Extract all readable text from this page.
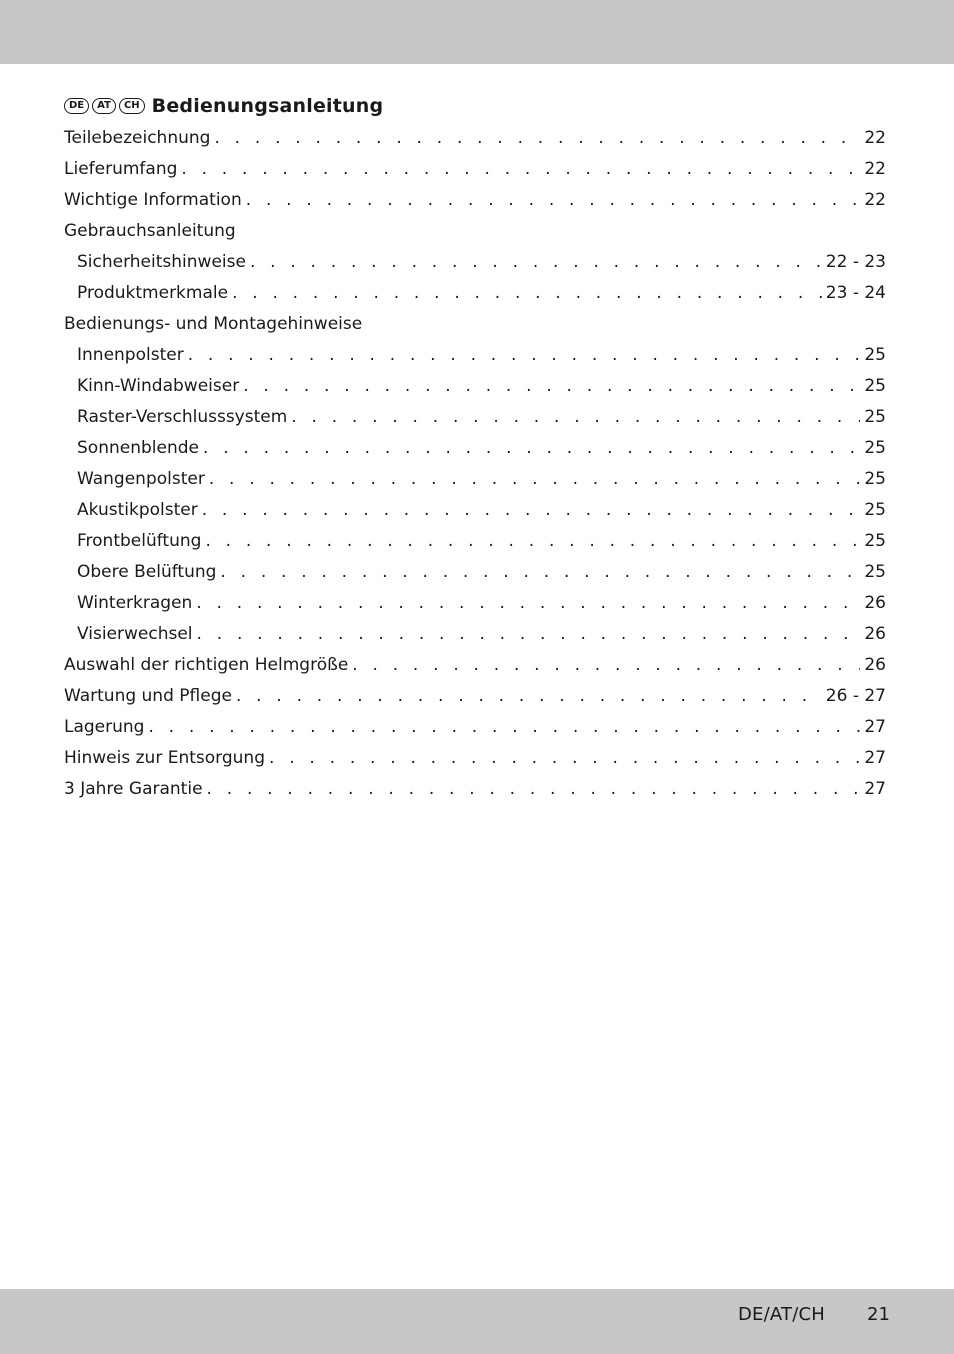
DE	AT	CH Bedienungsanleitung
Teilebezeichnung . . .	22
Lieferumfang . . .	22
Wichtige Information . . .	22
Gebrauchsanleitung
Sicherheitshinweise . . .	22 - 23
Produktmerkmale . . .	23 - 24
Bedienungs- und Montagehinweise
Innenpolster . . .	25
Kinn-Windabweiser . . .	25
Raster-Verschlusssystem . . .	25
Sonnenblende . . .	25
Wangenpolster . . .	25
Akustikpolster . . .	25
Frontbelüftung . . .	25
Obere Belüftung . . .	25
Winterkragen . . .	26
Visierwechsel . . .	26
Auswahl der richtigen Helmgröße . . .	26
Wartung und Pflege . . .	26 - 27
Lagerung . . .	27
Hinweis zur Entsorgung . . .	27
3 Jahre Garantie . . .	27
DE/AT/CH 21
